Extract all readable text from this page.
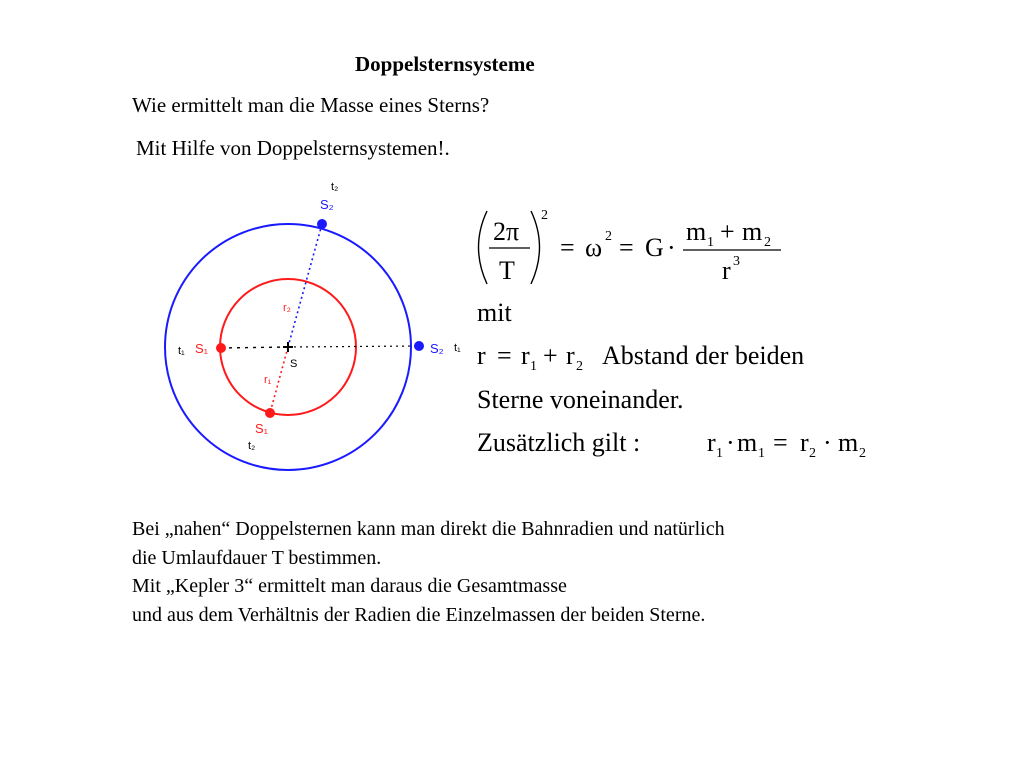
Doppelsternsysteme
Wie ermittelt man die Masse eines Sterns?
Mit Hilfe von Doppelsternsystemen!.
t₂
S₂
r₂
t₁ S₁	S₂ t₁
S
r₁
S₁
t₂
2π
T
2
= ω 2 = G ·
m 1 + m 2
r 3
mit
r = r 1 + r 2 Abstand der beiden
Sterne voneinander.
Zusätzlich gilt :	r 1 · m 1 = r 2 · m 2
Bei „nahen“ Doppelsternen kann man direkt die Bahnradien und natürlich
die Umlaufdauer T bestimmen.
Mit „Kepler 3“ ermittelt man daraus die Gesamtmasse
und aus dem Verhältnis der Radien die Einzelmassen der beiden Sterne.
